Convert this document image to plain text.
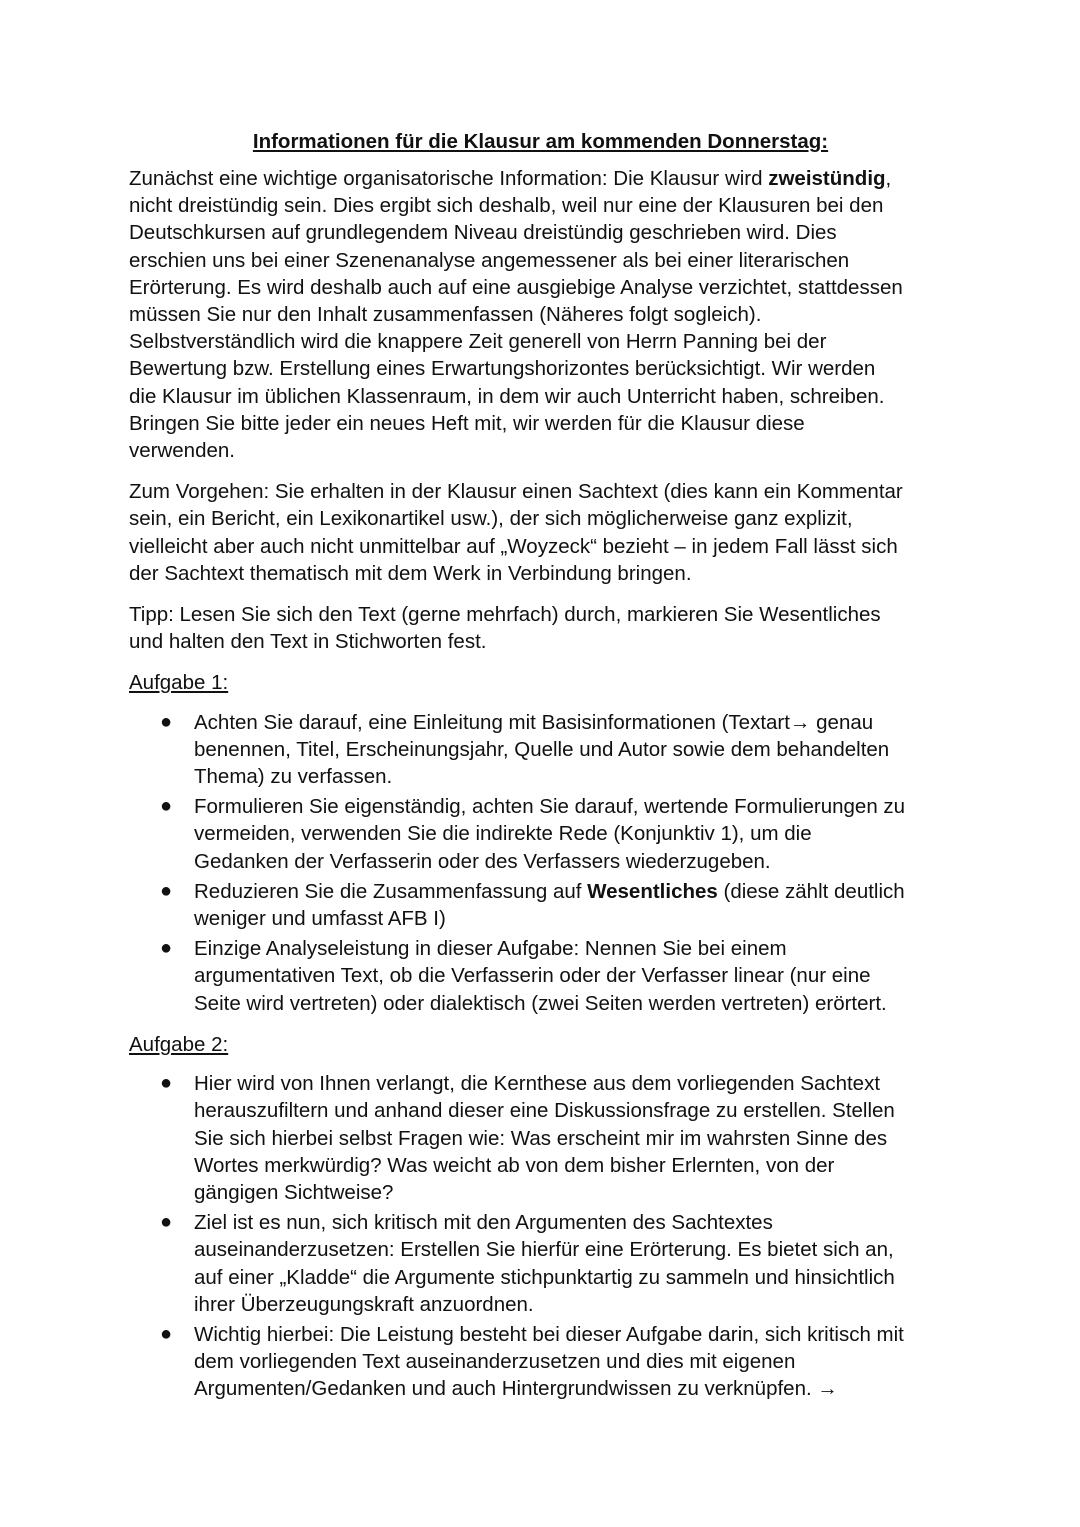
Informationen für die Klausur am kommenden Donnerstag:

Zunächst eine wichtige organisatorische Information: Die Klausur wird zweistündig,
nicht dreistündig sein. Dies ergibt sich deshalb, weil nur eine der Klausuren bei den
Deutschkursen auf grundlegendem Niveau dreistündig geschrieben wird. Dies
erschien uns bei einer Szenenanalyse angemessener als bei einer literarischen
Erörterung. Es wird deshalb auch auf eine ausgiebige Analyse verzichtet, stattdessen
müssen Sie nur den Inhalt zusammenfassen (Näheres folgt sogleich).
Selbstverständlich wird die knappere Zeit generell von Herrn Panning bei der
Bewertung bzw. Erstellung eines Erwartungshorizontes berücksichtigt. Wir werden
die Klausur im üblichen Klassenraum, in dem wir auch Unterricht haben, schreiben.
Bringen Sie bitte jeder ein neues Heft mit, wir werden für die Klausur diese
verwenden.

Zum Vorgehen: Sie erhalten in der Klausur einen Sachtext (dies kann ein Kommentar
sein, ein Bericht, ein Lexikonartikel usw.), der sich möglicherweise ganz explizit,
vielleicht aber auch nicht unmittelbar auf „Woyzeck“ bezieht – in jedem Fall lässt sich
der Sachtext thematisch mit dem Werk in Verbindung bringen.

Tipp: Lesen Sie sich den Text (gerne mehrfach) durch, markieren Sie Wesentliches
und halten den Text in Stichworten fest.

Aufgabe 1:
● Achten Sie darauf, eine Einleitung mit Basisinformationen (Textart→ genau
benennen, Titel, Erscheinungsjahr, Quelle und Autor sowie dem behandelten
Thema) zu verfassen.
● Formulieren Sie eigenständig, achten Sie darauf, wertende Formulierungen zu
vermeiden, verwenden Sie die indirekte Rede (Konjunktiv 1), um die
Gedanken der Verfasserin oder des Verfassers wiederzugeben.
● Reduzieren Sie die Zusammenfassung auf Wesentliches (diese zählt deutlich
weniger und umfasst AFB I)
● Einzige Analyseleistung in dieser Aufgabe: Nennen Sie bei einem
argumentativen Text, ob die Verfasserin oder der Verfasser linear (nur eine
Seite wird vertreten) oder dialektisch (zwei Seiten werden vertreten) erörtert.
Aufgabe 2:
● Hier wird von Ihnen verlangt, die Kernthese aus dem vorliegenden Sachtext
herauszufiltern und anhand dieser eine Diskussionsfrage zu erstellen. Stellen
Sie sich hierbei selbst Fragen wie: Was erscheint mir im wahrsten Sinne des
Wortes merkwürdig? Was weicht ab von dem bisher Erlernten, von der
gängigen Sichtweise?
● Ziel ist es nun, sich kritisch mit den Argumenten des Sachtextes
auseinanderzusetzen: Erstellen Sie hierfür eine Erörterung. Es bietet sich an,
auf einer „Kladde“ die Argumente stichpunktartig zu sammeln und hinsichtlich
ihrer Überzeugungskraft anzuordnen.
● Wichtig hierbei: Die Leistung besteht bei dieser Aufgabe darin, sich kritisch mit
dem vorliegenden Text auseinanderzusetzen und dies mit eigenen
Argumenten/Gedanken und auch Hintergrundwissen zu verknüpfen. →
